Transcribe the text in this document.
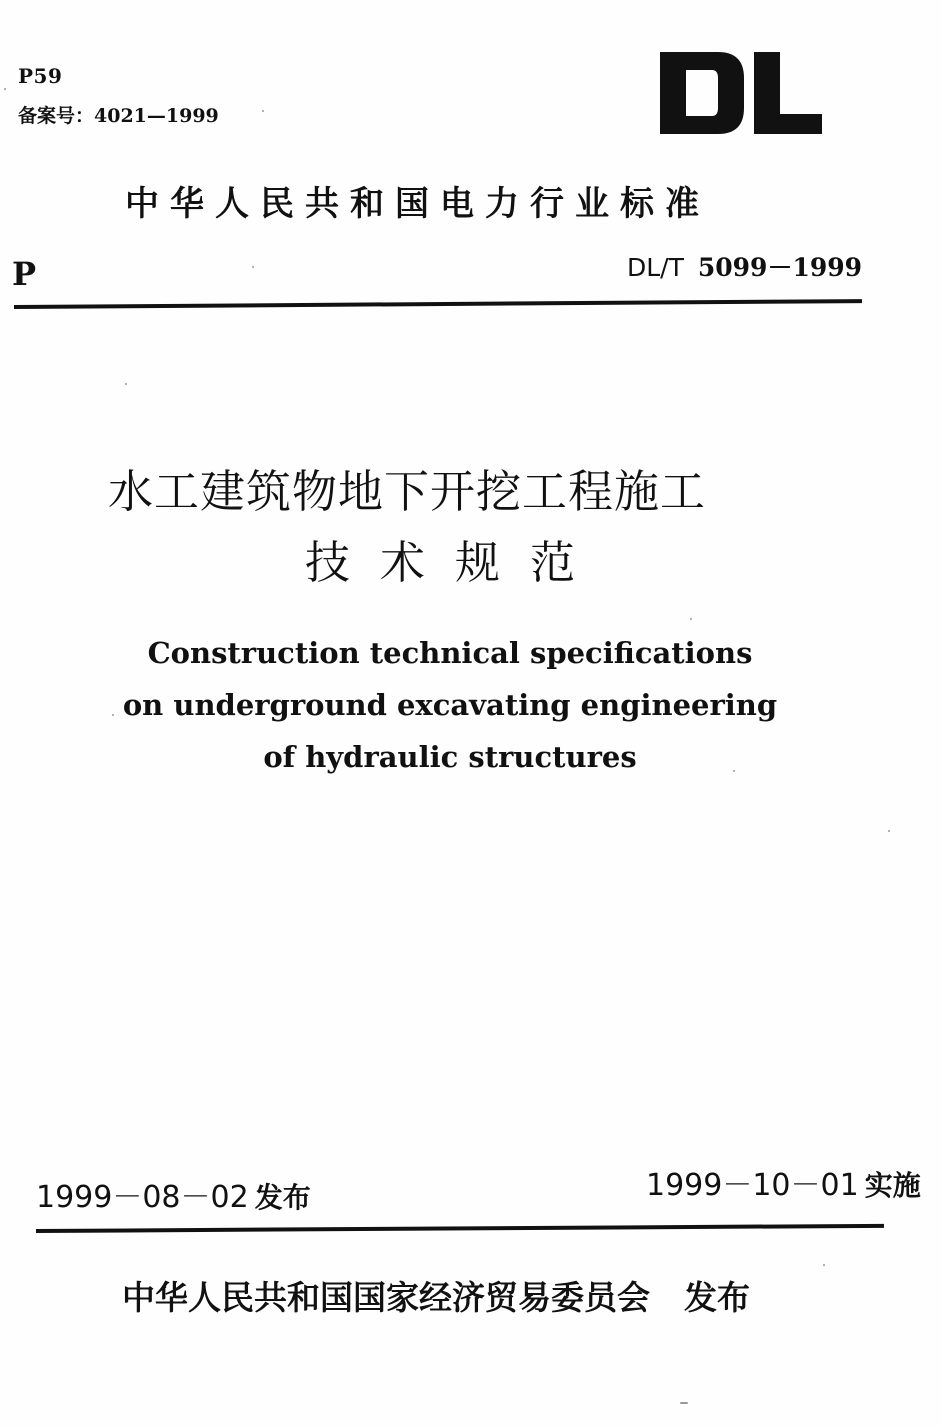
P59
备案号：4021—1999
中华人民共和国电力行业标准
P	DL/T 5099－1999
水工建筑物地下开挖工程施工
技术规范
Construction technical specifications
on underground excavating engineering
of hydraulic structures
1999－08－02 发布	1999－10－01 实施
中华人民共和国国家经济贸易委员会 发布
